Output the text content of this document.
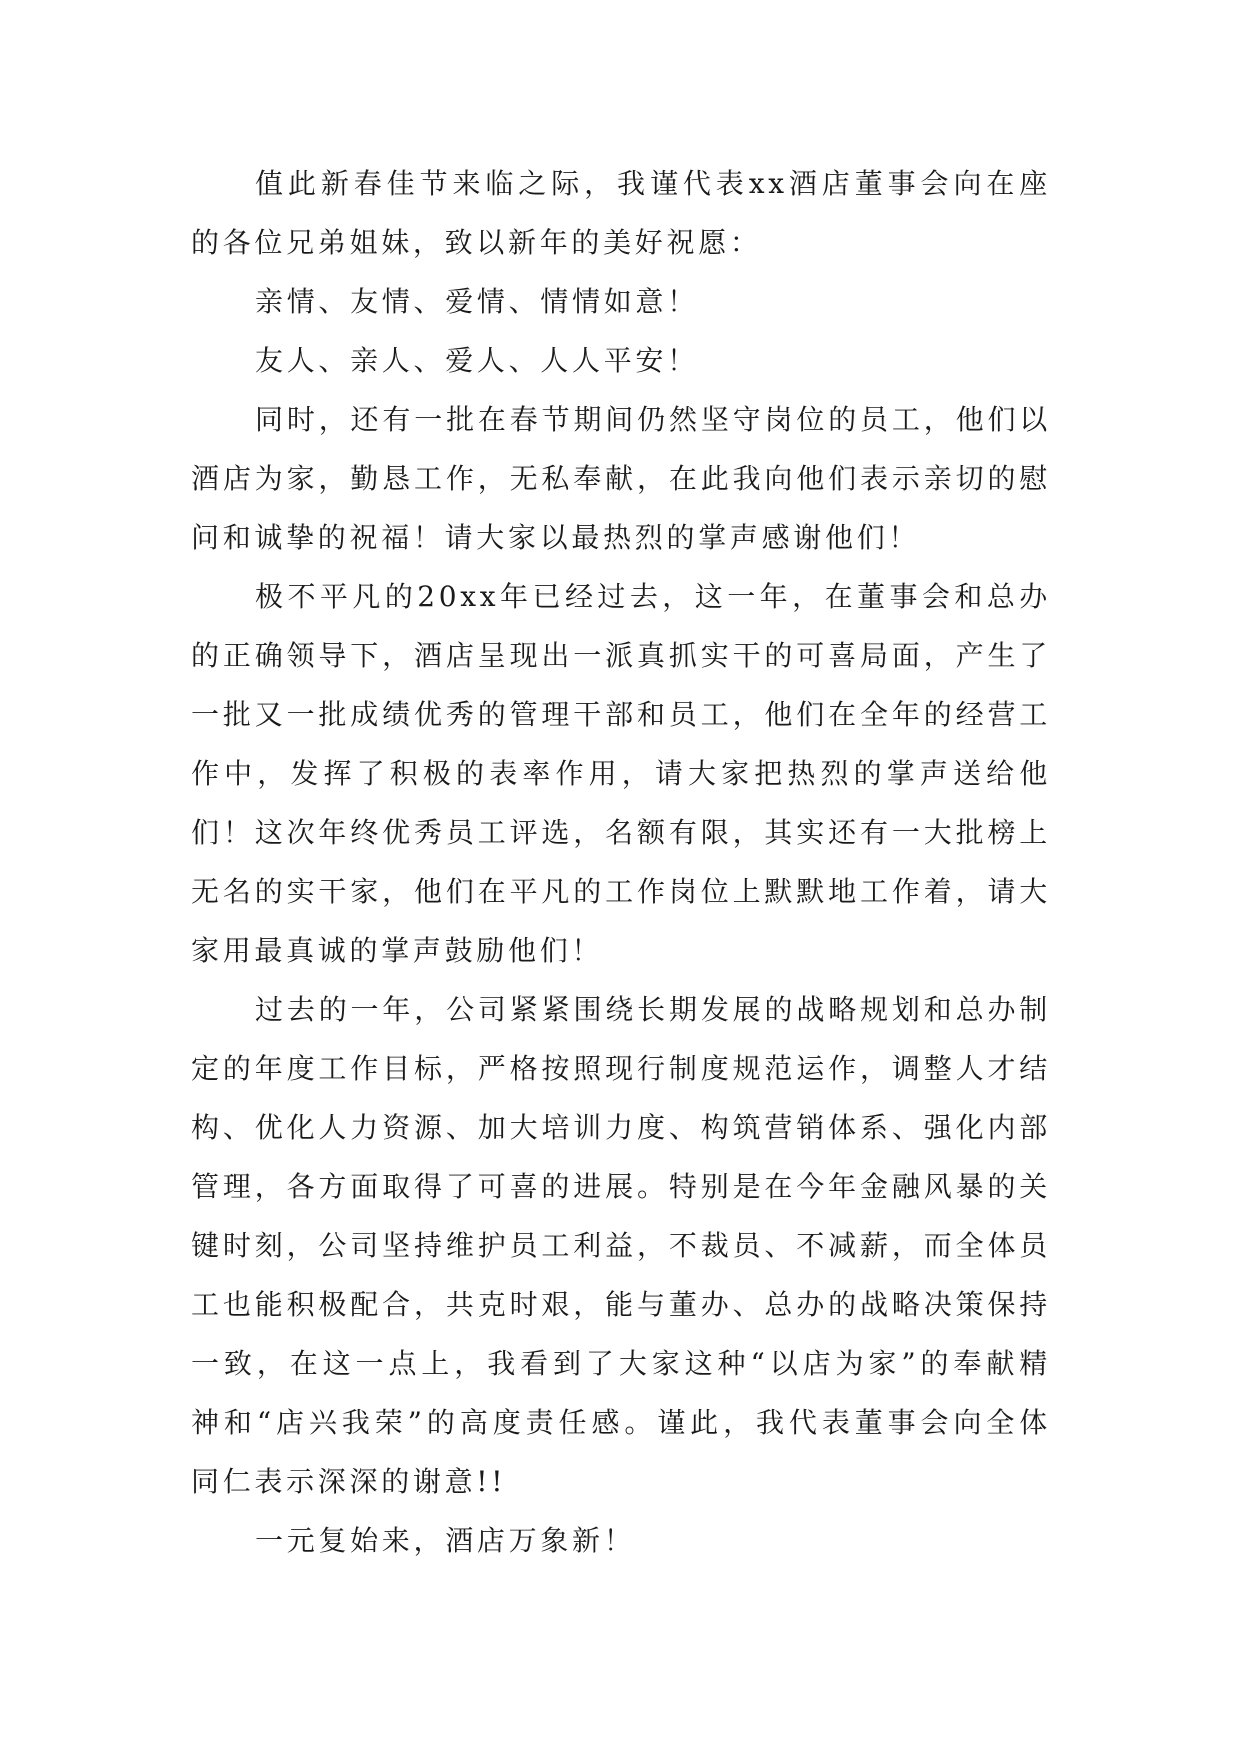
值此新春佳节来临之际，我谨代表xx酒店董事会向在座的各位兄弟姐妹，致以新年的美好祝愿：

亲情、友情、爱情、情情如意！

友人、亲人、爱人、人人平安！

同时，还有一批在春节期间仍然坚守岗位的员工，他们以酒店为家，勤恳工作，无私奉献，在此我向他们表示亲切的慰问和诚挚的祝福！请大家以最热烈的掌声感谢他们！

极不平凡的20xx年已经过去，这一年，在董事会和总办的正确领导下，酒店呈现出一派真抓实干的可喜局面，产生了一批又一批成绩优秀的管理干部和员工，他们在全年的经营工作中，发挥了积极的表率作用，请大家把热烈的掌声送给他们！这次年终优秀员工评选，名额有限，其实还有一大批榜上无名的实干家，他们在平凡的工作岗位上默默地工作着，请大家用最真诚的掌声鼓励他们！

过去的一年，公司紧紧围绕长期发展的战略规划和总办制定的年度工作目标，严格按照现行制度规范运作，调整人才结构、优化人力资源、加大培训力度、构筑营销体系、强化内部管理，各方面取得了可喜的进展。特别是在今年金融风暴的关键时刻，公司坚持维护员工利益，不裁员、不减薪，而全体员工也能积极配合，共克时艰，能与董办、总办的战略决策保持一致，在这一点上，我看到了大家这种“以店为家”的奉献精神和“店兴我荣”的高度责任感。谨此，我代表董事会向全体同仁表示深深的谢意!!

一元复始来，酒店万象新！
